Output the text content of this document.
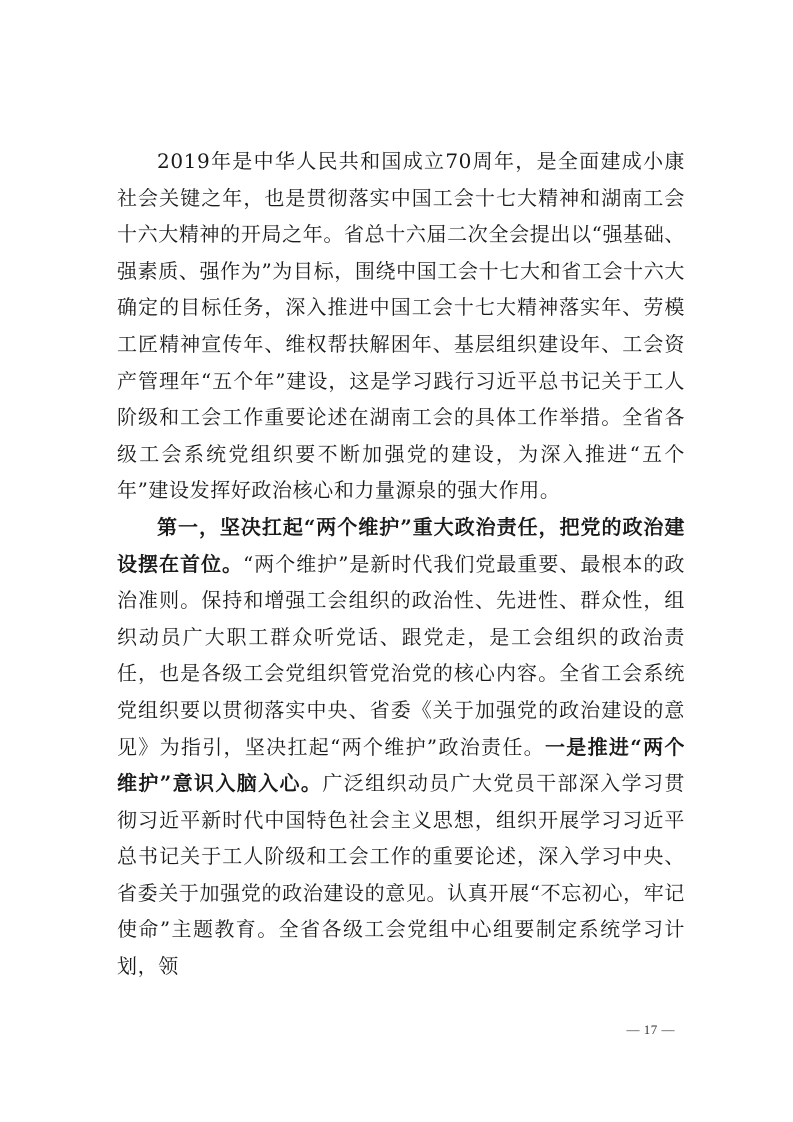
2019年是中华人民共和国成立70周年，是全面建成小康社会关键之年，也是贯彻落实中国工会十七大精神和湖南工会十六大精神的开局之年。省总十六届二次全会提出以“强基础、强素质、强作为”为目标，围绕中国工会十七大和省工会十六大确定的目标任务，深入推进中国工会十七大精神落实年、劳模工匠精神宣传年、维权帮扶解困年、基层组织建设年、工会资产管理年“五个年”建设，这是学习践行习近平总书记关于工人阶级和工会工作重要论述在湖南工会的具体工作举措。全省各级工会系统党组织要不断加强党的建设，为深入推进“五个年”建设发挥好政治核心和力量源泉的强大作用。

第一，坚决扛起“两个维护”重大政治责任，把党的政治建设摆在首位。“两个维护”是新时代我们党最重要、最根本的政治准则。保持和增强工会组织的政治性、先进性、群众性，组织动员广大职工群众听党话、跟党走，是工会组织的政治责任，也是各级工会党组织管党治党的核心内容。全省工会系统党组织要以贯彻落实中央、省委《关于加强党的政治建设的意见》为指引，坚决扛起“两个维护”政治责任。一是推进“两个维护”意识入脑入心。广泛组织动员广大党员干部深入学习贯彻习近平新时代中国特色社会主义思想，组织开展学习习近平总书记关于工人阶级和工会工作的重要论述，深入学习中央、省委关于加强党的政治建设的意见。认真开展“不忘初心，牢记使命”主题教育。全省各级工会党组中心组要制定系统学习计划，领

— 17 —
